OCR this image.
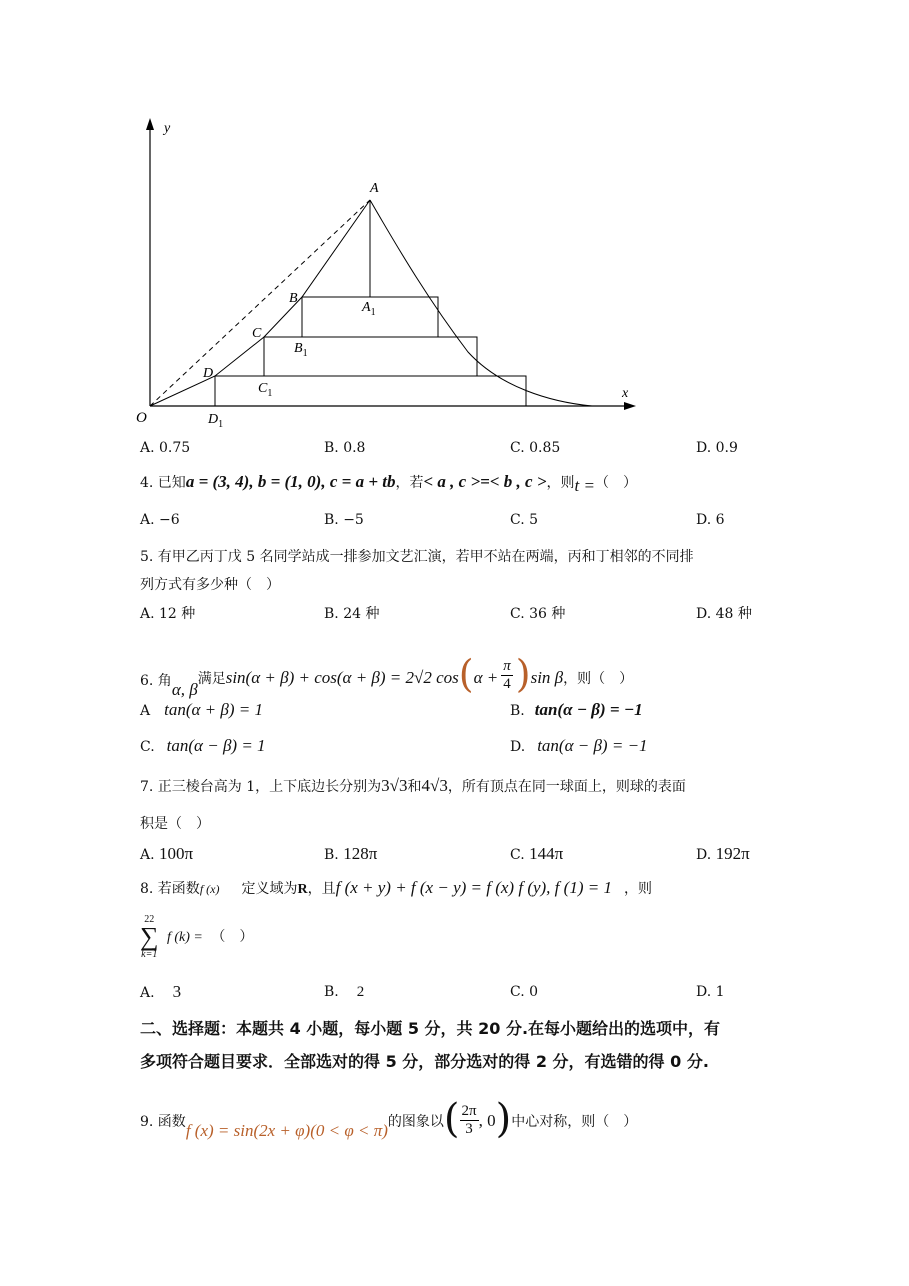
y
x
O
A
B
C
D
$A_1$
$B_1$
$C_1$
$D_1$
A. 0.75	B. 0.8	C. 0.85	D. 0.9
4. 已知a = (3, 4), b = (1, 0), c = a + tb，若< a , c >=< b , c >，则t =（　）
A. −6	B. −5	C. 5	D. 6
5. 有甲乙丙丁戊 5 名同学站成一排参加文艺汇演，若甲不站在两端，丙和丁相邻的不同排
列方式有多少种（　）
A. 12 种	B. 24 种	C. 36 种	D. 48 种
6. 角α, β满足sin(α + β) + cos(α + β) = 2√2 $\cos(\alpha + \frac{\pi}{4} )\sin$ β，则（　）
A tan(α + β) = 1	B. tan(α − β) = −1
C. tan(α − β) = 1	D. tan(α − β) = −1
7. 正三棱台高为 1，上下底边长分别为3√3和4√3，所有顶点在同一球面上，则球的表面
积是（　）
A. 100π	B. 128π	C. 144π	D. 192π
8. 若函数f (x) 定义域为R，且f (x + y) + f (x − y) = f (x) f (y), f (1) = 1 ，则
22
∑
k=1
f (k) = （　）
A. 3	B. 2	C. 0	D. 1
二、选择题：本题共 4 小题，每小题 5 分，共 20 分.在每小题给出的选项中，有
多项符合题目要求．全部选对的得 5 分，部分选对的得 2 分，有选错的得 0 分.
9. 函数f (x) = sin(2x + φ)(0 < φ < π)的图象以( $\frac{2\pi}{3}$ , 0)中心对称，则（　）
